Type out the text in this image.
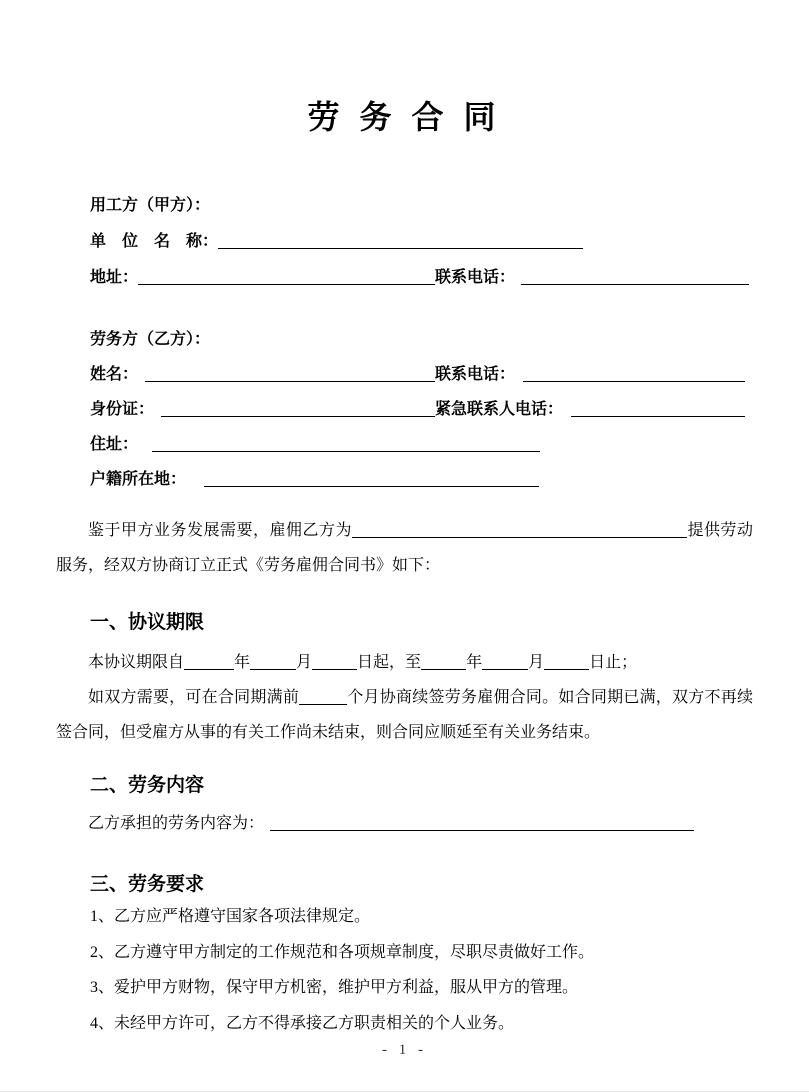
劳 务 合 同
用工方（甲方）：
单　位　名　称：
地址：	联系电话：
劳务方（乙方）：
姓名：	联系电话：
身份证：	紧急联系人电话：
住址：
户籍所在地：

鉴于甲方业务发展需要，雇佣乙方为	提供劳动服务，经双方协商订立正式《劳务雇佣合同书》如下：

一、协议期限

本协议期限自	年	月	日起，至	年	月	日止；

如双方需要，可在合同期满前	个月协商续签劳务雇佣合同。如合同期已满，双方不再续签合同，但受雇方从事的有关工作尚未结束，则合同应顺延至有关业务结束。

二、劳务内容

乙方承担的劳务内容为：

三、劳务要求
1、乙方应严格遵守国家各项法律规定。
2、乙方遵守甲方制定的工作规范和各项规章制度，尽职尽责做好工作。
3、爱护甲方财物，保守甲方机密，维护甲方利益，服从甲方的管理。
4、未经甲方许可，乙方不得承接乙方职责相关的个人业务。
- 1 -
